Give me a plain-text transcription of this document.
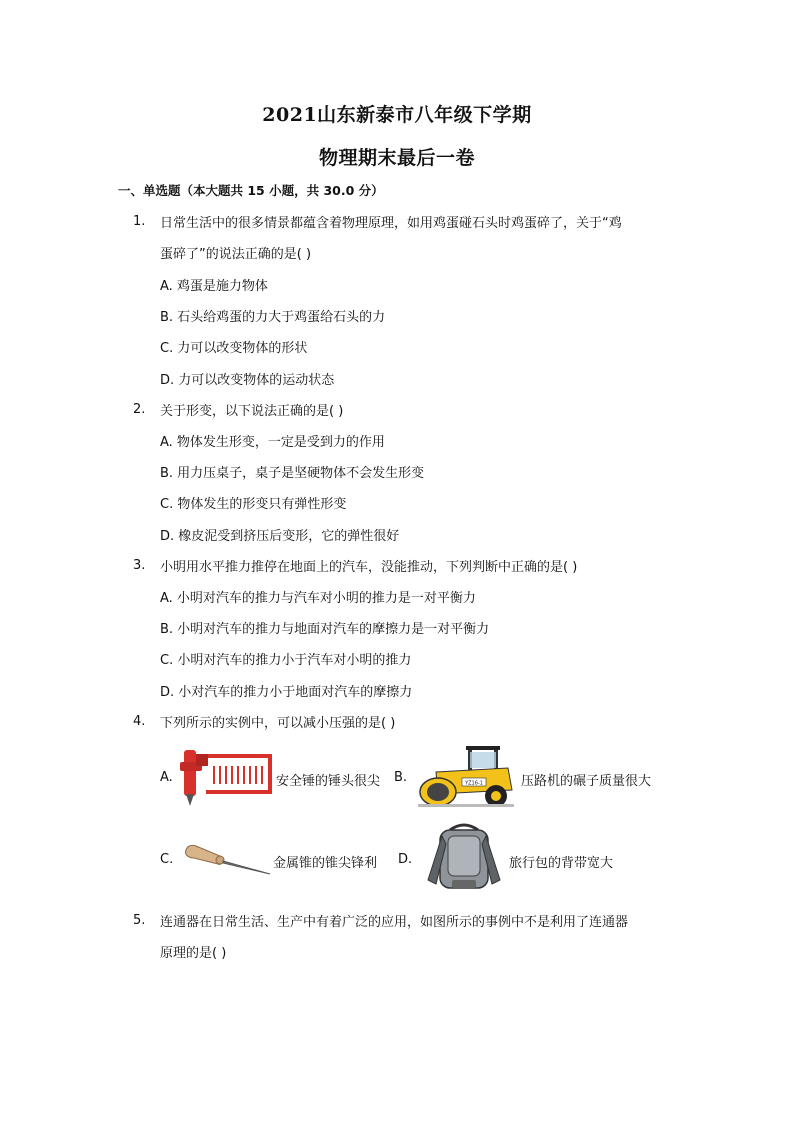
2021山东新泰市八年级下学期
物理期末最后一卷
一、单选题（本大题共 15 小题，共 30.0 分）
1. 日常生活中的很多情景都蕴含着物理原理，如用鸡蛋碰石头时鸡蛋碎了，关于“鸡
蛋碎了”的说法正确的是( )
A. 鸡蛋是施力物体
B. 石头给鸡蛋的力大于鸡蛋给石头的力
C. 力可以改变物体的形状
D. 力可以改变物体的运动状态
2. 关于形变，以下说法正确的是( )
A. 物体发生形变，一定是受到力的作用
B. 用力压桌子，桌子是坚硬物体不会发生形变
C. 物体发生的形变只有弹性形变
D. 橡皮泥受到挤压后变形，它的弹性很好
3. 小明用水平推力推停在地面上的汽车，没能推动，下列判断中正确的是( )
A. 小明对汽车的推力与汽车对小明的推力是一对平衡力
B. 小明对汽车的推力与地面对汽车的摩擦力是一对平衡力
C. 小明对汽车的推力小于汽车对小明的推力
D. 小对汽车的推力小于地面对汽车的摩擦力
4. 下列所示的实例中，可以减小压强的是( )
A.	安全锤的锤头很尖 B.	YZ16-1	压路机的碾子质量很大
C.	金属锥的锥尖锋利 D.	旅行包的背带宽大
5. 连通器在日常生活、生产中有着广泛的应用，如图所示的事例中不是利用了连通器
原理的是( )
